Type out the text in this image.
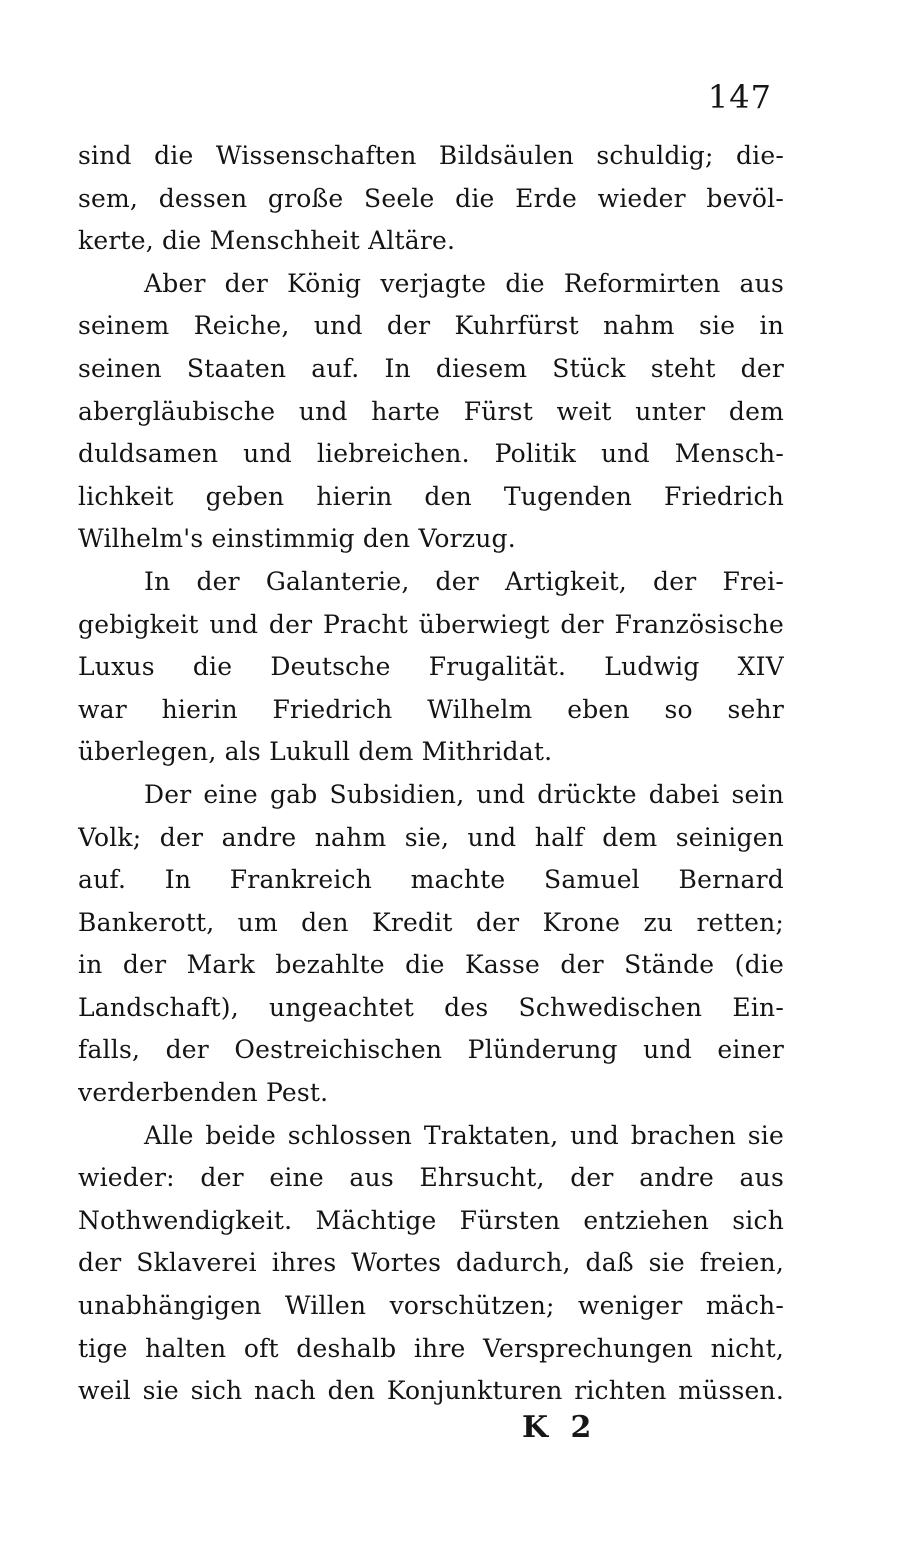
147
sind die Wissenschaften Bildsäulen schuldig; die-
sem, dessen große Seele die Erde wieder bevöl-
kerte, die Menschheit Altäre.
Aber der König verjagte die Reformirten aus
seinem Reiche, und der Kuhrfürst nahm sie in
seinen Staaten auf. In diesem Stück steht der
abergläubische und harte Fürst weit unter dem
duldsamen und liebreichen. Politik und Mensch-
lichkeit geben hierin den Tugenden Friedrich
Wilhelm's einstimmig den Vorzug.
In der Galanterie, der Artigkeit, der Frei-
gebigkeit und der Pracht überwiegt der Französische
Luxus die Deutsche Frugalität. Ludwig XIV
war hierin Friedrich Wilhelm eben so sehr
überlegen, als Lukull dem Mithridat.
Der eine gab Subsidien, und drückte dabei sein
Volk; der andre nahm sie, und half dem seinigen
auf. In Frankreich machte Samuel Bernard
Bankerott, um den Kredit der Krone zu retten;
in der Mark bezahlte die Kasse der Stände (die
Landschaft), ungeachtet des Schwedischen Ein-
falls, der Oestreichischen Plünderung und einer
verderbenden Pest.
Alle beide schlossen Traktaten, und brachen sie
wieder: der eine aus Ehrsucht, der andre aus
Nothwendigkeit. Mächtige Fürsten entziehen sich
der Sklaverei ihres Wortes dadurch, daß sie freien,
unabhängigen Willen vorschützen; weniger mäch-
tige halten oft deshalb ihre Versprechungen nicht,
weil sie sich nach den Konjunkturen richten müssen.
K 2
